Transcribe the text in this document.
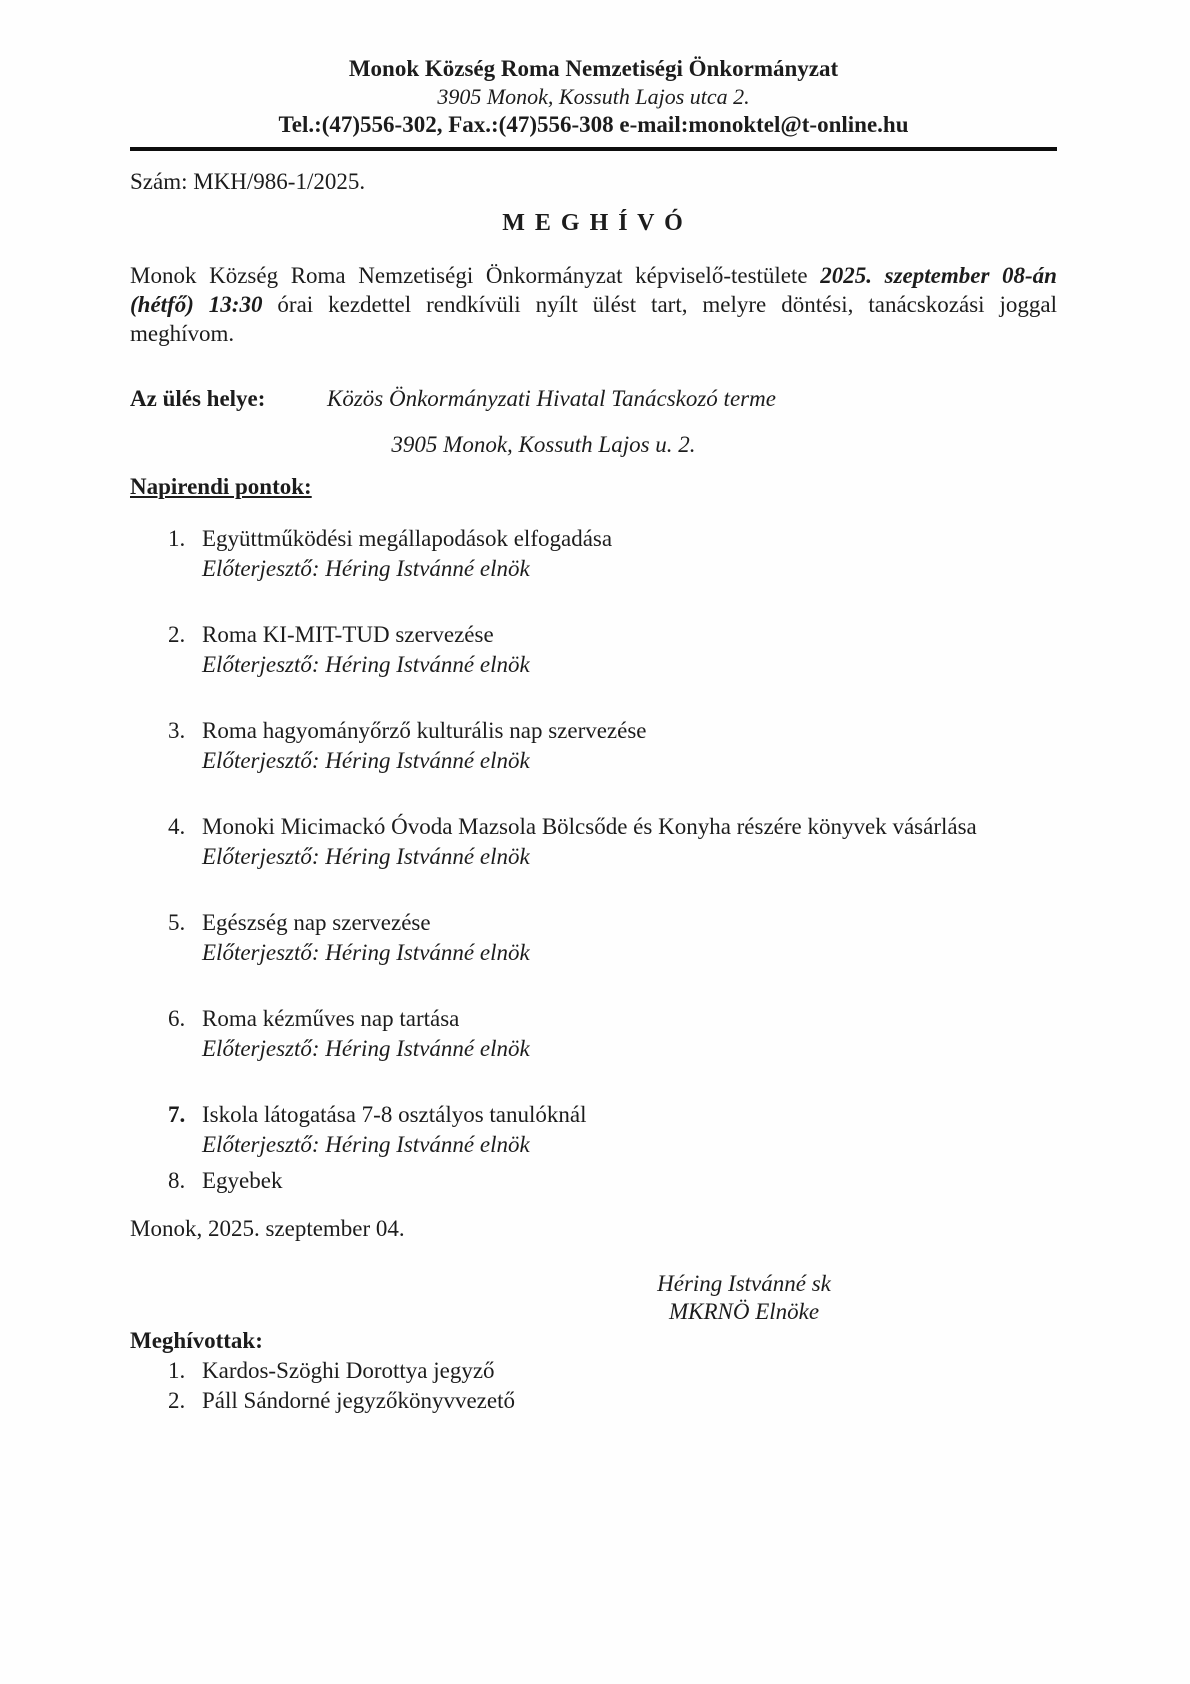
Monok Község Roma Nemzetiségi Önkormányzat
3905 Monok, Kossuth Lajos utca 2.
Tel.:(47)556-302, Fax.:(47)556-308 e-mail:monoktel@t-online.hu
Szám: MKH/986-1/2025.
M E G H Í V Ó

Monok Község Roma Nemzetiségi Önkormányzat képviselő-testülete 2025. szeptember 08-án (hétfő) 13:30 órai kezdettel rendkívüli nyílt ülést tart, melyre döntési, tanácskozási joggal meghívom.

Az ülés helye:	Közös Önkormányzati Hivatal Tanácskozó terme
3905 Monok, Kossuth Lajos u. 2.
Napirendi pontok:
1. Együttműködési megállapodások elfogadása
Előterjesztő: Héring Istvánné elnök
2. Roma KI-MIT-TUD szervezése
Előterjesztő: Héring Istvánné elnök
3. Roma hagyományőrző kulturális nap szervezése
Előterjesztő: Héring Istvánné elnök
4. Monoki Micimackó Óvoda Mazsola Bölcsőde és Konyha részére könyvek vásárlása
Előterjesztő: Héring Istvánné elnök
5. Egészség nap szervezése
Előterjesztő: Héring Istvánné elnök
6. Roma kézműves nap tartása
Előterjesztő: Héring Istvánné elnök
7. Iskola látogatása 7-8 osztályos tanulóknál
Előterjesztő: Héring Istvánné elnök
8. Egyebek
Monok, 2025. szeptember 04.
Héring Istvánné sk
MKRNÖ Elnöke
Meghívottak:
1. Kardos-Szöghi Dorottya jegyző
2. Páll Sándorné jegyzőkönyvvezető
